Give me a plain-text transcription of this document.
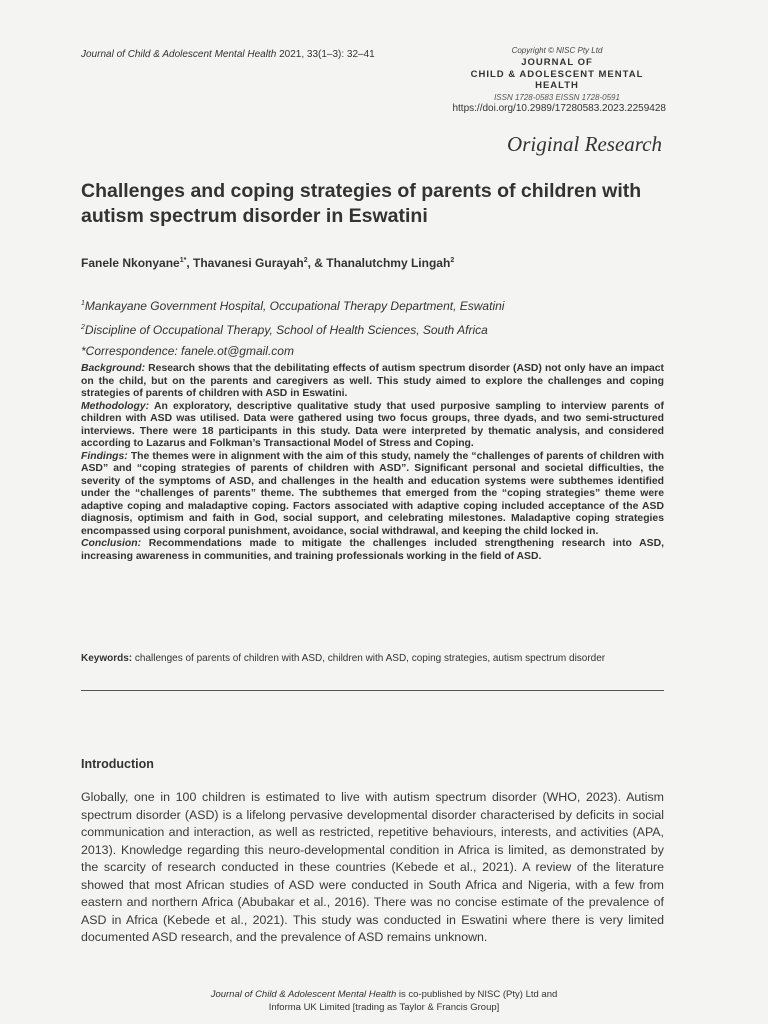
Journal of Child & Adolescent Mental Health 2021, 33(1–3): 32–41	Copyright © NISC Pty Ltd
JOURNAL OF
CHILD & ADOLESCENT MENTAL HEALTH
ISSN 1728-0583 EISSN 1728-0591
https://doi.org/10.2989/17280583.2023.2259428
Original Research
Challenges and coping strategies of parents of children with autism spectrum disorder in Eswatini
Fanele Nkonyane$^{1*}$, Thavanesi Gurayah$^2$, & Thanalutchmy Lingah$^2$
$^1$Mankayane Government Hospital, Occupational Therapy Department, Eswatini
$^2$Discipline of Occupational Therapy, School of Health Sciences, South Africa
*Correspondence: fanele.ot@gmail.com

Background: Research shows that the debilitating effects of autism spectrum disorder (ASD) not only have an impact on the child, but on the parents and caregivers as well. This study aimed to explore the challenges and coping strategies of parents of children with ASD in Eswatini.

Methodology: An exploratory, descriptive qualitative study that used purposive sampling to interview parents of children with ASD was utilised. Data were gathered using two focus groups, three dyads, and two semi-structured interviews. There were 18 participants in this study. Data were interpreted by thematic analysis, and considered according to Lazarus and Folkman’s Transactional Model of Stress and Coping.

Findings: The themes were in alignment with the aim of this study, namely the “challenges of parents of children with ASD” and “coping strategies of parents of children with ASD”. Significant personal and societal difficulties, the severity of the symptoms of ASD, and challenges in the health and education systems were subthemes identified under the “challenges of parents” theme. The subthemes that emerged from the “coping strategies” theme were adaptive coping and maladaptive coping. Factors associated with adaptive coping included acceptance of the ASD diagnosis, optimism and faith in God, social support, and celebrating milestones. Maladaptive coping strategies encompassed using corporal punishment, avoidance, social withdrawal, and keeping the child locked in.

Conclusion: Recommendations made to mitigate the challenges included strengthening research into ASD, increasing awareness in communities, and training professionals working in the field of ASD.

Keywords: challenges of parents of children with ASD, children with ASD, coping strategies, autism spectrum disorder
Introduction

Globally, one in 100 children is estimated to live with autism spectrum disorder (WHO, 2023). Autism spectrum disorder (ASD) is a lifelong pervasive developmental disorder characterised by deficits in social communication and interaction, as well as restricted, repetitive behaviours, interests, and activities (APA, 2013). Knowledge regarding this neuro-developmental condition in Africa is limited, as demonstrated by the scarcity of research conducted in these countries (Kebede et al., 2021). A review of the literature showed that most African studies of ASD were conducted in South Africa and Nigeria, with a few from eastern and northern Africa (Abubakar et al., 2016). There was no concise estimate of the prevalence of ASD in Africa (Kebede et al., 2021). This study was conducted in Eswatini where there is very limited documented ASD research, and the prevalence of ASD remains unknown.

Journal of Child & Adolescent Mental Health is co-published by NISC (Pty) Ltd and
Informa UK Limited [trading as Taylor & Francis Group]
